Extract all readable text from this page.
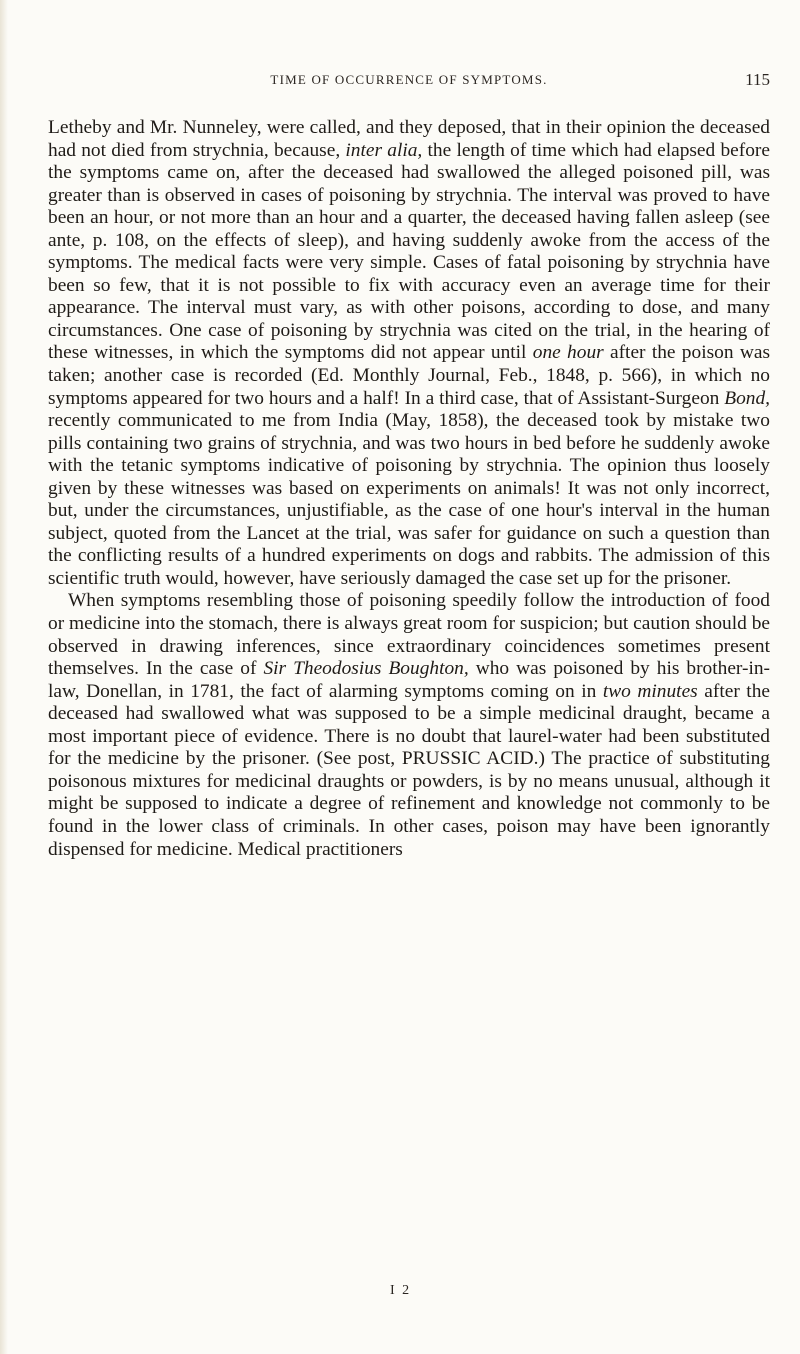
TIME OF OCCURRENCE OF SYMPTOMS.	115

Letheby and Mr. Nunneley, were called, and they deposed, that in their opinion the deceased had not died from strychnia, because, inter alia, the length of time which had elapsed before the symptoms came on, after the deceased had swallowed the alleged poisoned pill, was greater than is observed in cases of poisoning by strychnia. The interval was proved to have been an hour, or not more than an hour and a quarter, the deceased having fallen asleep (see ante, p. 108, on the effects of sleep), and having suddenly awoke from the access of the symptoms. The medical facts were very simple. Cases of fatal poisoning by strychnia have been so few, that it is not possible to fix with accuracy even an average time for their appearance. The interval must vary, as with other poisons, according to dose, and many circumstances. One case of poisoning by strychnia was cited on the trial, in the hearing of these witnesses, in which the symptoms did not appear until one hour after the poison was taken; another case is recorded (Ed. Monthly Journal, Feb., 1848, p. 566), in which no symptoms appeared for two hours and a half! In a third case, that of Assistant-Surgeon Bond, recently communicated to me from India (May, 1858), the deceased took by mistake two pills containing two grains of strychnia, and was two hours in bed before he suddenly awoke with the tetanic symptoms indicative of poisoning by strychnia. The opinion thus loosely given by these witnesses was based on experiments on animals! It was not only incorrect, but, under the circumstances, unjustifiable, as the case of one hour's interval in the human subject, quoted from the Lancet at the trial, was safer for guidance on such a question than the conflicting results of a hundred experiments on dogs and rabbits. The admission of this scientific truth would, however, have seriously damaged the case set up for the prisoner.

When symptoms resembling those of poisoning speedily follow the introduction of food or medicine into the stomach, there is always great room for suspicion; but caution should be observed in drawing inferences, since extraordinary coincidences sometimes present themselves. In the case of Sir Theodosius Boughton, who was poisoned by his brother-in-law, Donellan, in 1781, the fact of alarming symptoms coming on in two minutes after the deceased had swallowed what was supposed to be a simple medicinal draught, became a most important piece of evidence. There is no doubt that laurel-water had been substituted for the medicine by the prisoner. (See post, PRUSSIC ACID.) The practice of substituting poisonous mixtures for medicinal draughts or powders, is by no means unusual, although it might be supposed to indicate a degree of refinement and knowledge not commonly to be found in the lower class of criminals. In other cases, poison may have been ignorantly dispensed for medicine. Medical practitioners

I 2
